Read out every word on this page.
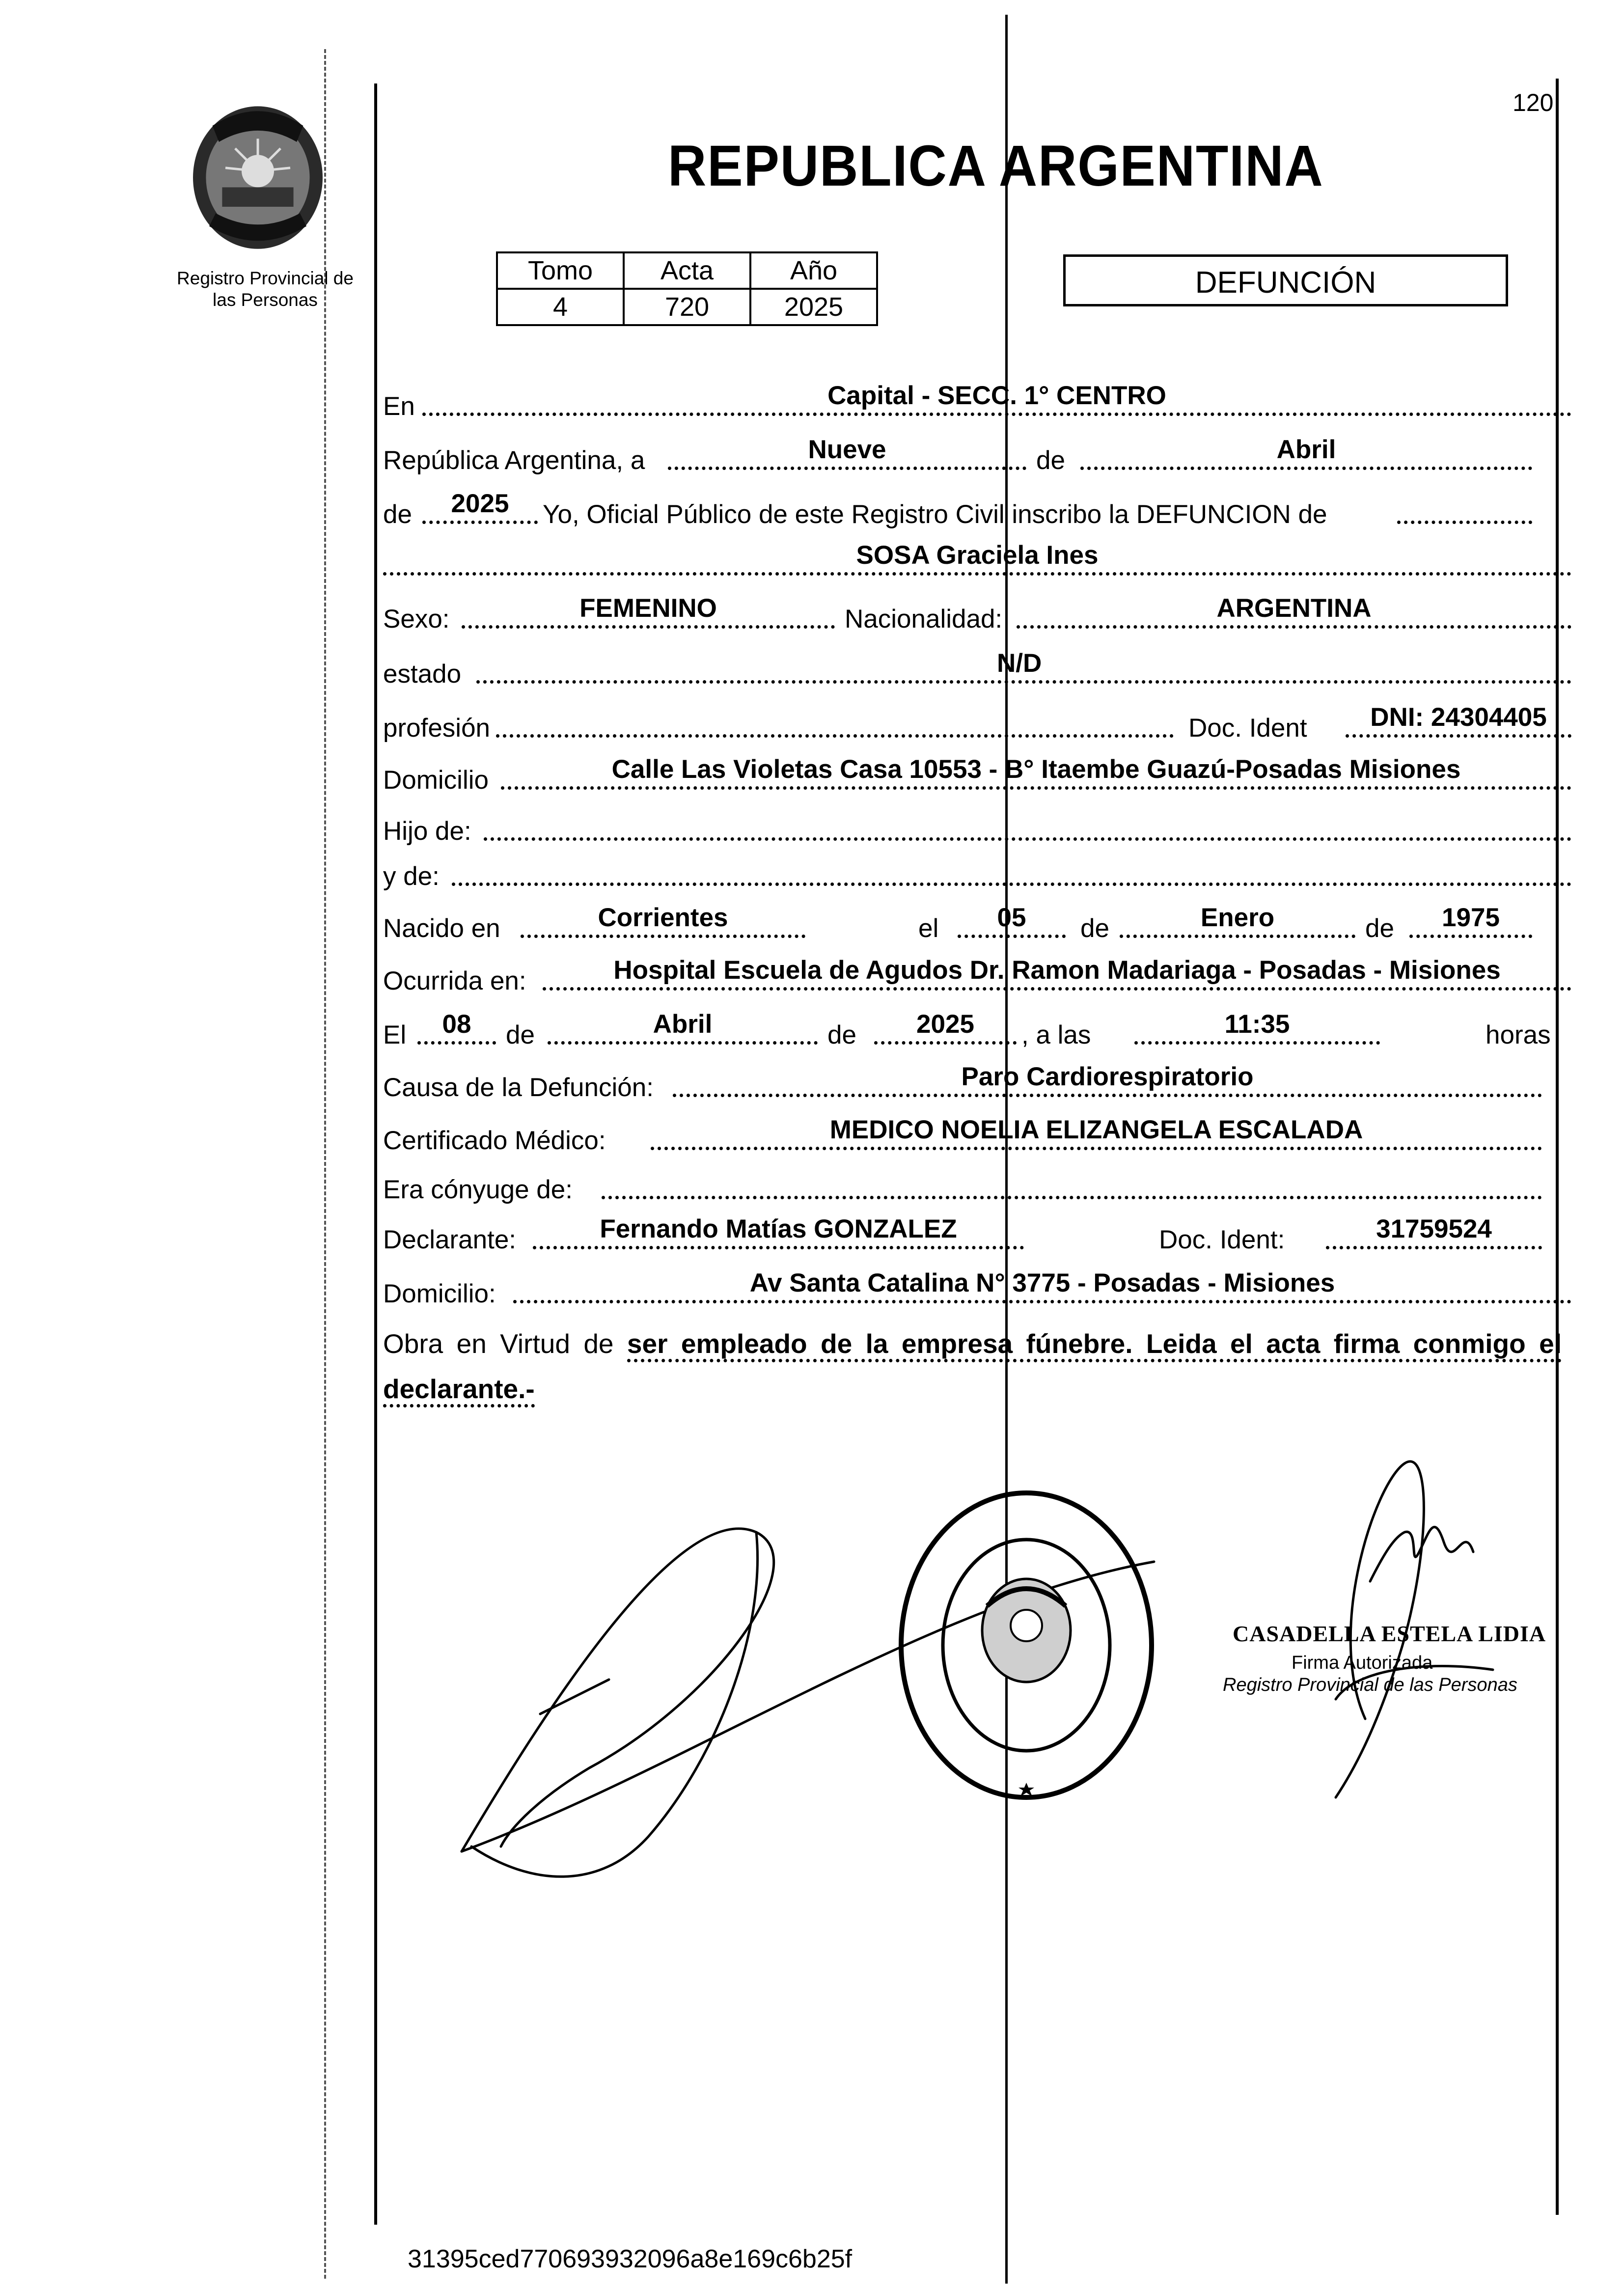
Registro Provincial de
las Personas
120
REPUBLICA ARGENTINA
Tomo	Acta	Año
4	720	2025
DEFUNCIÓN
En	Capital - SECC. 1° CENTRO
República Argentina, a	Nueve	de	Abril
de	2025	Yo, Oficial Público de este Registro Civil inscribo la DEFUNCION de
SOSA Graciela Ines
Sexo:	FEMENINO	Nacionalidad:	ARGENTINA
estado	N/D
profesión	Doc. Ident	DNI: 24304405
Domicilio	Calle Las Violetas Casa 10553 - B° Itaembe Guazú-Posadas Misiones
Hijo de:
y de:
Nacido en	Corrientes	el	05	de	Enero	de	1975
Ocurrida en:	Hospital Escuela de Agudos Dr. Ramon Madariaga - Posadas - Misiones
El	08	de	Abril	de	2025	, a las	11:35	horas
Causa de la Defunción:	Paro Cardiorespiratorio
Certificado Médico:	MEDICO NOELIA ELIZANGELA ESCALADA
Era cónyuge de:
Declarante:	Fernando Matías GONZALEZ	Doc. Ident:	31759524
Domicilio:	Av Santa Catalina N° 3775 - Posadas - Misiones
Obra en Virtud de ser empleado de la empresa fúnebre. Leida el acta firma conmigo el declarante.-
CASADELLA ESTELA LIDIA
Firma Autorizada
Registro Provincial de las Personas
31395ced770693932096a8e169c6b25f
